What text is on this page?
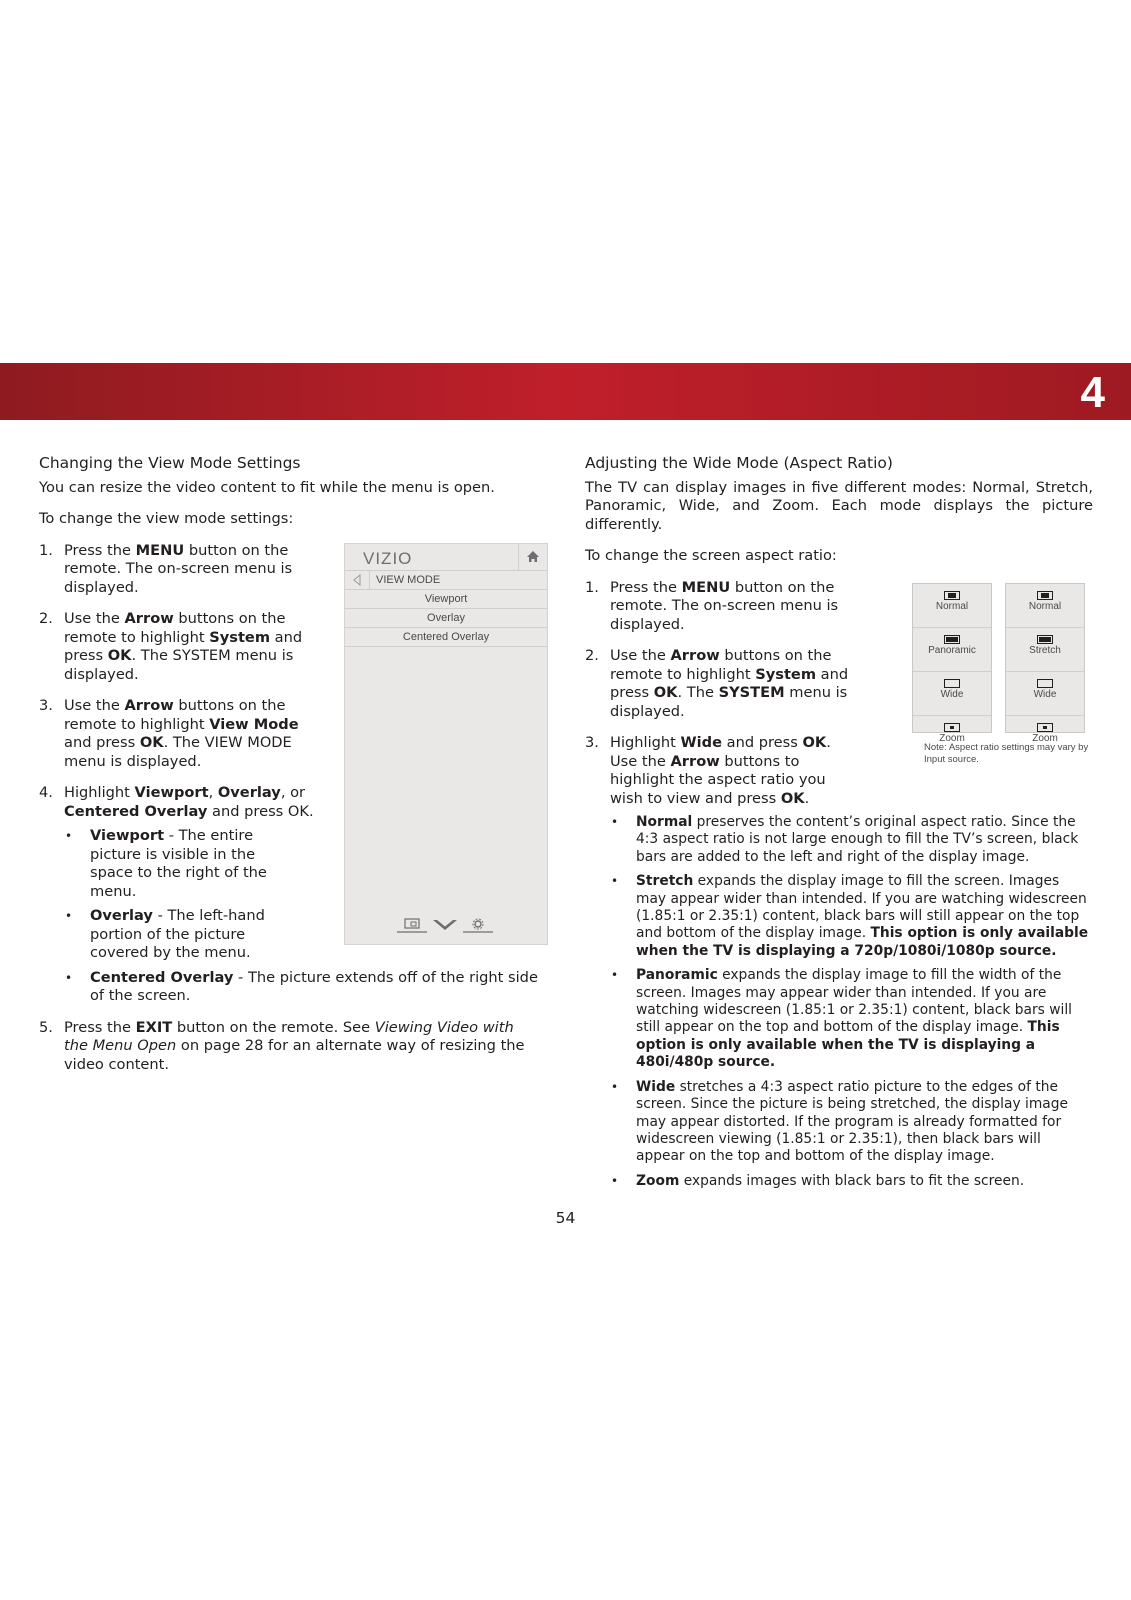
4

Changing the View Mode Settings

You can resize the video content to fit while the menu is open.

To change the view mode settings:

1. Press the MENU button on the remote. The on-screen menu is displayed.
2. Use the Arrow buttons on the remote to highlight System and press OK. The SYSTEM menu is displayed.
3. Use the Arrow buttons on the remote to highlight View Mode and press OK. The VIEW MODE menu is displayed.
4. Highlight Viewport, Overlay, or Centered Overlay and press OK.
• Viewport - The entire picture is visible in the space to the right of the menu.
• Overlay - The left-hand portion of the picture covered by the menu.
• Centered Overlay - The picture extends off of the right side of the screen.
5. Press the EXIT button on the remote. See Viewing Video with the Menu Open on page 28 for an alternate way of resizing the video content.
VIZIO
VIEW MODE
Viewport
Overlay
Centered Overlay

Adjusting the Wide Mode (Aspect Ratio)

The TV can display images in five different modes: Normal, Stretch, Panoramic, Wide, and Zoom. Each mode displays the picture differently.

To change the screen aspect ratio:

1. Press the MENU button on the remote. The on-screen menu is displayed.
2. Use the Arrow buttons on the remote to highlight System and press OK. The SYSTEM menu is displayed.
3. Highlight Wide and press OK. Use the Arrow buttons to highlight the aspect ratio you wish to view and press OK.
• Normal preserves the content’s original aspect ratio. Since the 4:3 aspect ratio is not large enough to fill the TV’s screen, black bars are added to the left and right of the display image.
• Stretch expands the display image to fill the screen. Images may appear wider than intended. If you are watching widescreen (1.85:1 or 2.35:1) content, black bars will still appear on the top and bottom of the display image. This option is only available when the TV is displaying a 720p/1080i/1080p source.
• Panoramic expands the display image to fill the width of the screen. Images may appear wider than intended. If you are watching widescreen (1.85:1 or 2.35:1) content, black bars will still appear on the top and bottom of the display image. This option is only available when the TV is displaying a 480i/480p source.
• Wide stretches a 4:3 aspect ratio picture to the edges of the screen. Since the picture is being stretched, the display image may appear distorted. If the program is already formatted for widescreen viewing (1.85:1 or 2.35:1), then black bars will appear on the top and bottom of the display image.
• Zoom expands images with black bars to fit the screen.
Normal
Panoramic
Wide
Zoom
Normal
Stretch
Wide
Zoom
Note: Aspect ratio settings may vary by Input source.
54
